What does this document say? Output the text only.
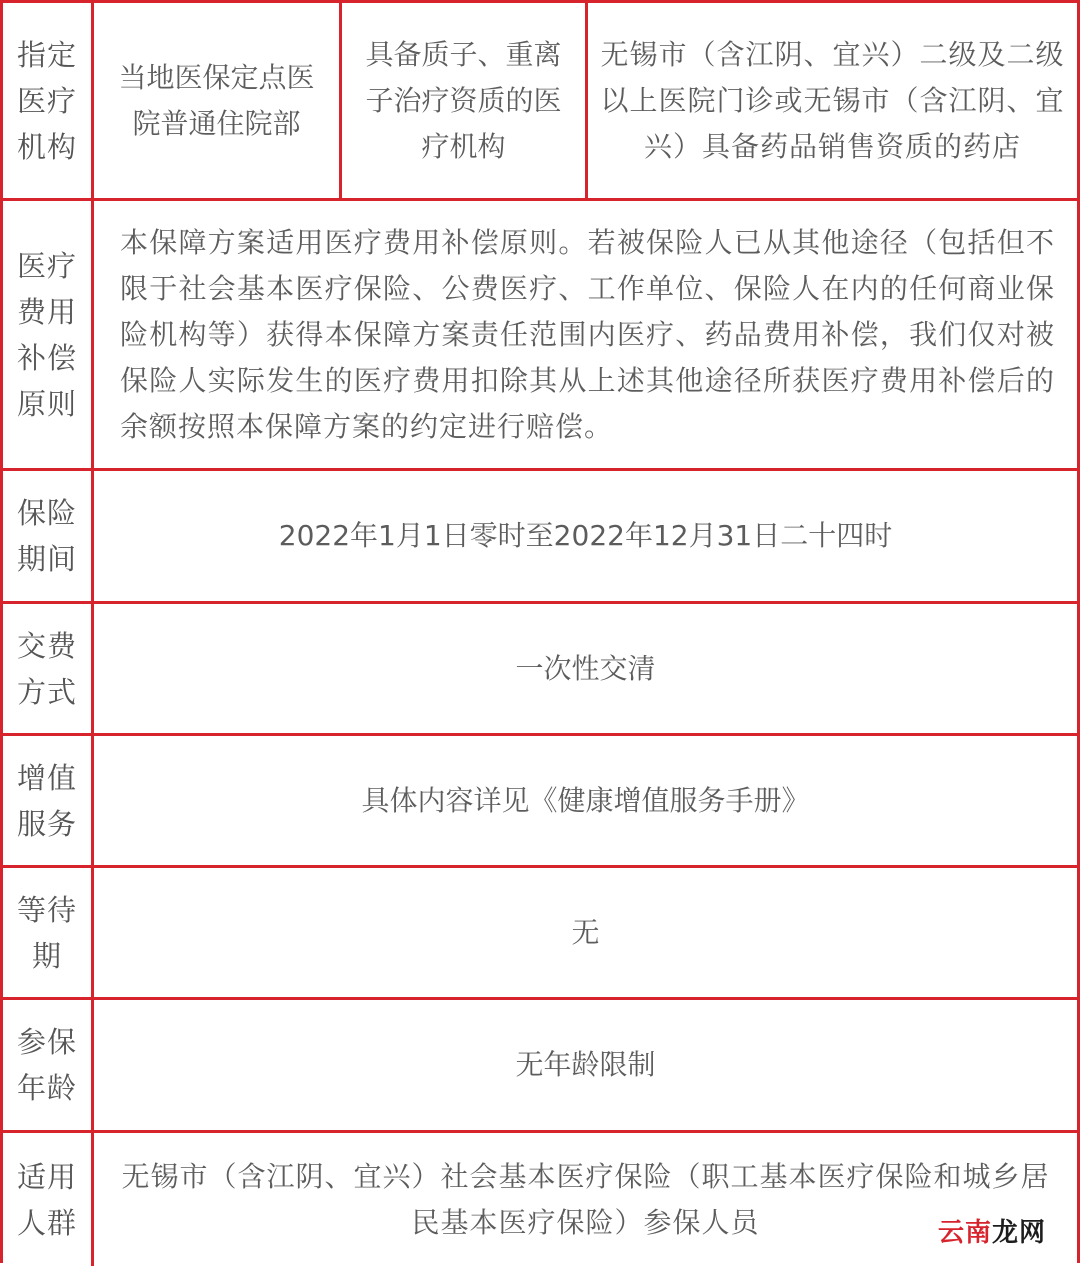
指定医疗机构
当地医保定点医院普通住院部
具备质子、重离子治疗资质的医疗机构
无锡市（含江阴、宜兴）二级及二级以上医院门诊或无锡市（含江阴、宜兴）具备药品销售资质的药店
医疗费用补偿原则
本保障方案适用医疗费用补偿原则。若被保险人已从其他途径（包括但不限于社会基本医疗保险、公费医疗、工作单位、保险人在内的任何商业保险机构等）获得本保障方案责任范围内医疗、药品费用补偿，我们仅对被保险人实际发生的医疗费用扣除其从上述其他途径所获医疗费用补偿后的余额按照本保障方案的约定进行赔偿。
保险期间
2022年1月1日零时至2022年12月31日二十四时
交费方式
一次性交清
增值服务
具体内容详见《健康增值服务手册》
等待期
无
参保年龄
无年龄限制
适用人群
无锡市（含江阴、宜兴）社会基本医疗保险（职工基本医疗保险和城乡居民基本医疗保险）参保人员	云南龙网
